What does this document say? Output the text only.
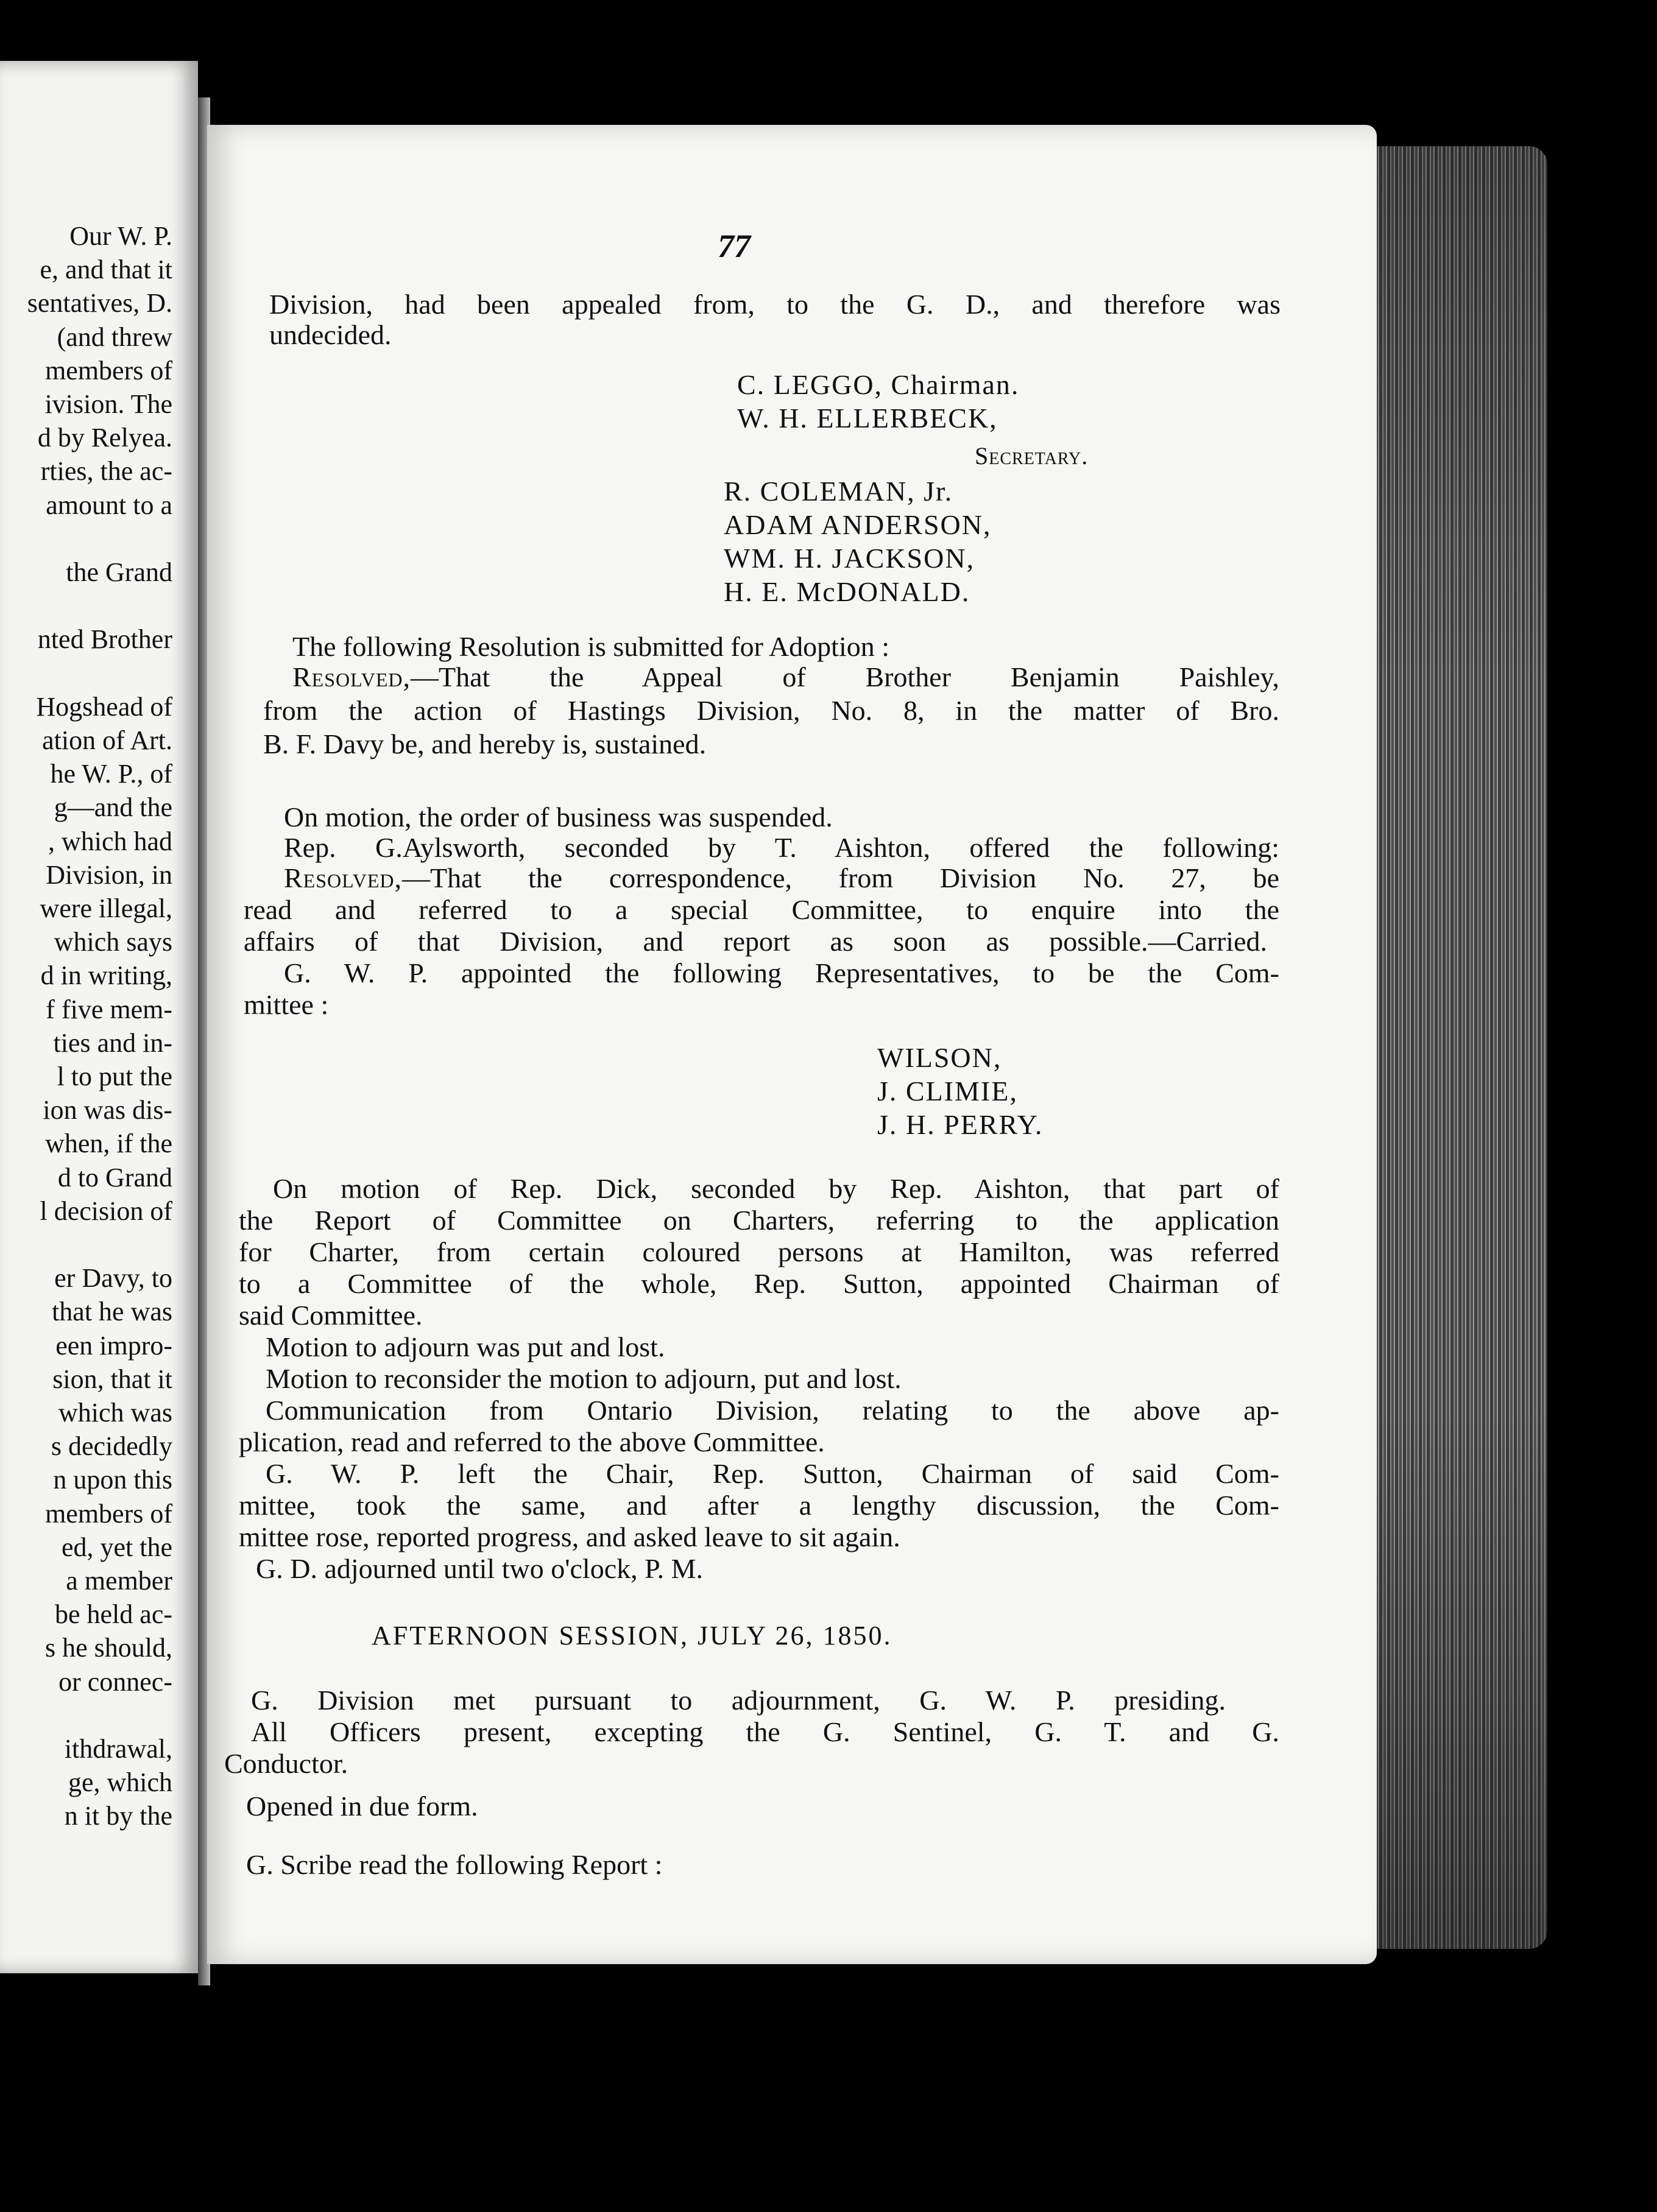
Our W. P.
e, and that it
sentatives, D.
(and threw
members of
ivision. The
d by Relyea.
rties, the ac-
amount to a
the Grand
nted Brother
Hogshead of
ation of Art.
he W. P., of
g—and the
, which had
Division, in
were illegal,
which says
d in writing,
f five mem-
ties and in-
l to put the
ion was dis-
when, if the
d to Grand
l decision of
er Davy, to
that he was
een impro-
sion, that it
which was
s decidedly
n upon this
members of
ed, yet the
a member
be held ac-
s he should,
or connec-
ithdrawal,
ge, which
n it by the
77
Division, had been appealed from, to the G. D., and therefore was
undecided.
C. LEGGO, Chairman.
W. H. ELLERBECK,
Secretary.
R. COLEMAN, Jr.
ADAM ANDERSON,
WM. H. JACKSON,
H. E. McDONALD.
The following Resolution is submitted for Adoption :
Resolved,—That the Appeal of Brother Benjamin Paishley,
from the action of Hastings Division, No. 8, in the matter of Bro.
B. F. Davy be, and hereby is, sustained.
On motion, the order of business was suspended.
Rep. G.Aylsworth, seconded by T. Aishton, offered the following:
Resolved,—That the correspondence, from Division No. 27, be
read and referred to a special Committee, to enquire into the
affairs of that Division, and report as soon as possible.—Carried.
G. W. P. appointed the following Representatives, to be the Com-
mittee :
WILSON,
J. CLIMIE,
J. H. PERRY.
On motion of Rep. Dick, seconded by Rep. Aishton, that part of
the Report of Committee on Charters, referring to the application
for Charter, from certain coloured persons at Hamilton, was referred
to a Committee of the whole, Rep. Sutton, appointed Chairman of
said Committee.
Motion to adjourn was put and lost.
Motion to reconsider the motion to adjourn, put and lost.
Communication from Ontario Division, relating to the above ap-
plication, read and referred to the above Committee.
G. W. P. left the Chair, Rep. Sutton, Chairman of said Com-
mittee, took the same, and after a lengthy discussion, the Com-
mittee rose, reported progress, and asked leave to sit again.
G. D. adjourned until two o'clock, P. M.
AFTERNOON SESSION, JULY 26, 1850.
G. Division met pursuant to adjournment, G. W. P. presiding.
All Officers present, excepting the G. Sentinel, G. T. and G.
Conductor.
Opened in due form.
G. Scribe read the following Report :
